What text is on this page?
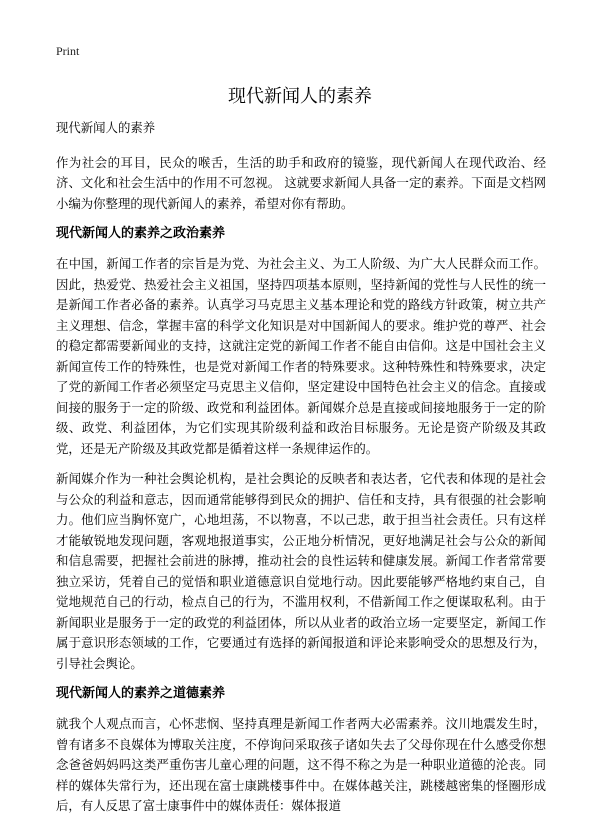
Print
现代新闻人的素养

现代新闻人的素养

作为社会的耳目，民众的喉舌，生活的助手和政府的镜鉴，现代新闻人在现代政治、经济、文化和社会生活中的作用不可忽视。 这就要求新闻人具备一定的素养。下面是文档网小编为你整理的现代新闻人的素养，希望对你有帮助。

现代新闻人的素养之政治素养

在中国，新闻工作者的宗旨是为党、为社会主义、为工人阶级、为广大人民群众而工作。因此，热爱党、热爱社会主义祖国，坚持四项基本原则，坚持新闻的党性与人民性的统一是新闻工作者必备的素养。认真学习马克思主义基本理论和党的路线方针政策，树立共产主义理想、信念，掌握丰富的科学文化知识是对中国新闻人的要求。维护党的尊严、社会的稳定都需要新闻业的支持，这就注定党的新闻工作者不能自由信仰。这是中国社会主义新闻宣传工作的特殊性，也是党对新闻工作者的特殊要求。这种特殊性和特殊要求，决定了党的新闻工作者必须坚定马克思主义信仰，坚定建设中国特色社会主义的信念。直接或间接的服务于一定的阶级、政党和利益团体。新闻媒介总是直接或间接地服务于一定的阶级、政党、利益团体，为它们实现其阶级利益和政治目标服务。无论是资产阶级及其政党，还是无产阶级及其政党都是循着这样一条规律运作的。

新闻媒介作为一种社会舆论机构，是社会舆论的反映者和表达者，它代表和体现的是社会与公众的利益和意志，因而通常能够得到民众的拥护、信任和支持，具有很强的社会影响力。他们应当胸怀宽广，心地坦荡，不以物喜，不以己悲，敢于担当社会责任。只有这样才能敏锐地发现问题，客观地报道事实，公正地分析情况，更好地满足社会与公众的新闻和信息需要，把握社会前进的脉搏，推动社会的良性运转和健康发展。新闻工作者常常要独立采访，凭着自己的觉悟和职业道德意识自觉地行动。因此要能够严格地约束自己，自觉地规范自己的行动，检点自己的行为，不滥用权利，不借新闻工作之便谋取私利。由于新闻职业是服务于一定的政党的利益团体，所以从业者的政治立场一定要坚定，新闻工作属于意识形态领域的工作，它要通过有选择的新闻报道和评论来影响受众的思想及行为，引导社会舆论。

现代新闻人的素养之道德素养

就我个人观点而言，心怀悲悯、坚持真理是新闻工作者两大必需素养。汶川地震发生时，曾有诸多不良媒体为博取关注度，不停询问采取孩子诸如失去了父母你现在什么感受你想念爸爸妈妈吗这类严重伤害儿童心理的问题，这不得不称之为是一种职业道德的沦丧。同样的媒体失常行为，还出现在富士康跳楼事件中。在媒体越关注，跳楼越密集的怪圈形成后，有人反思了富士康事件中的媒体责任：媒体报道
